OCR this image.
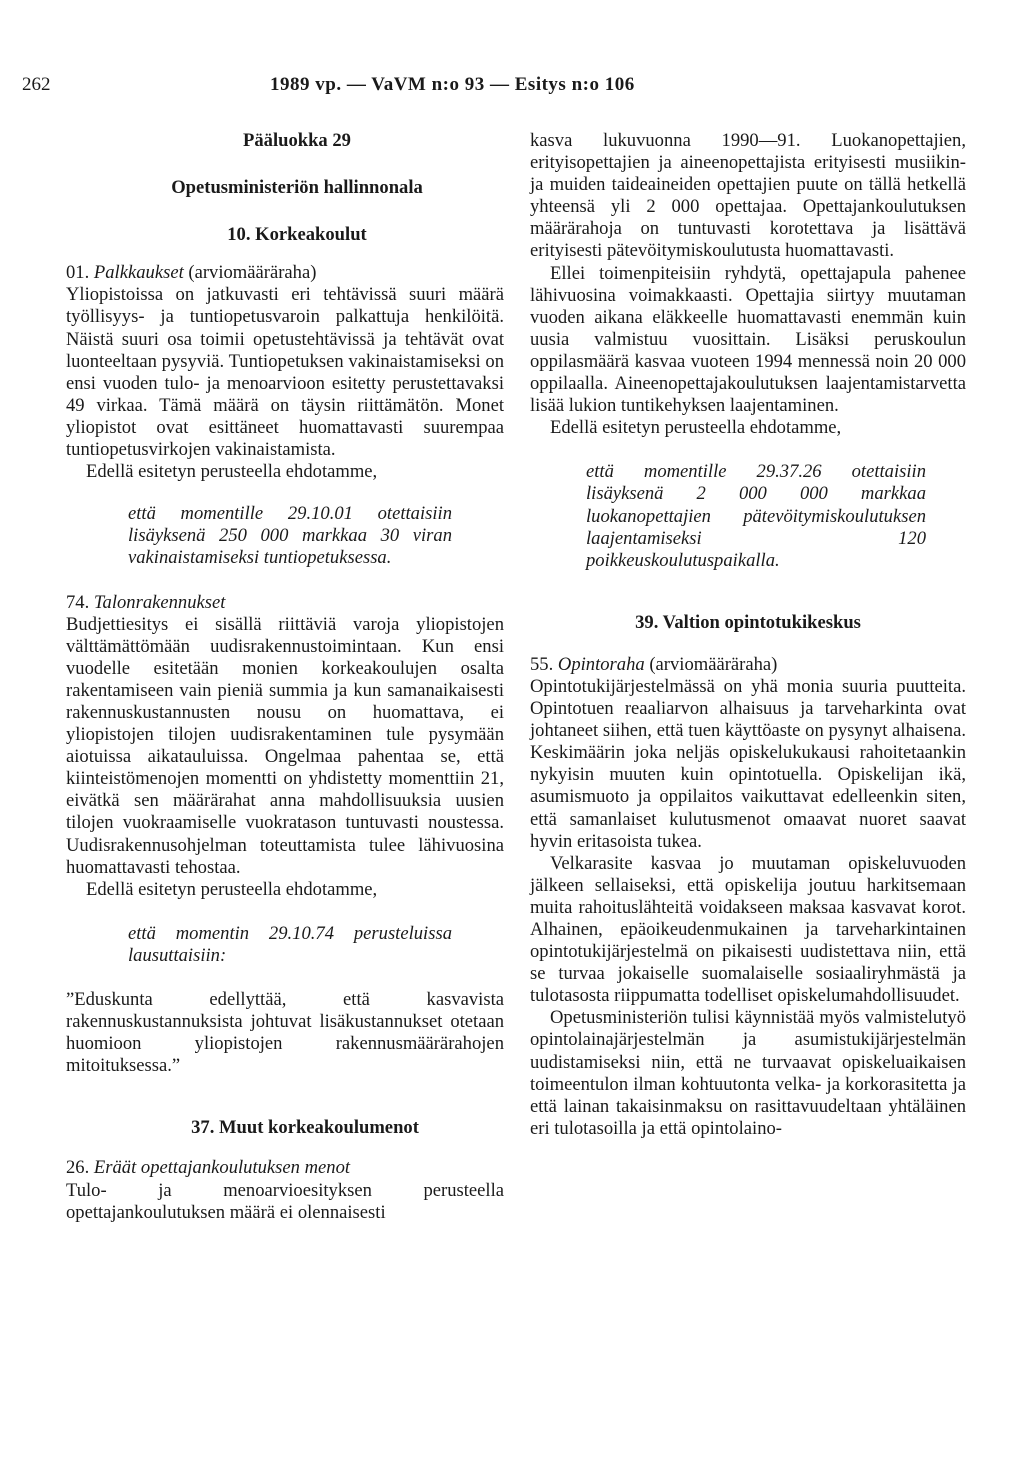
262	1989 vp. — VaVM n:o 93 — Esitys n:o 106

Pääluokka 29

Opetusministeriön hallinnonala

10. Korkeakoulut

01. Palkkaukset (arviomääräraha)

Yliopistoissa on jatkuvasti eri tehtävissä suuri määrä työllisyys- ja tuntiopetusvaroin palkattuja henkilöitä. Näistä suuri osa toimii opetustehtävissä ja tehtävät ovat luonteeltaan pysyviä. Tuntiopetuksen vakinaistamiseksi on ensi vuoden tulo- ja menoarvioon esitetty perustettavaksi 49 virkaa. Tämä määrä on täysin riittämätön. Monet yliopistot ovat esittäneet huomattavasti suurempaa tuntiopetusvirkojen vakinaistamista.

Edellä esitetyn perusteella ehdotamme,

että momentille 29.10.01 otettaisiin lisäyksenä 250 000 markkaa 30 viran vakinaistamiseksi tuntiopetuksessa.

74. Talonrakennukset

Budjettiesitys ei sisällä riittäviä varoja yliopistojen välttämättömään uudisrakennustoimintaan. Kun ensi vuodelle esitetään monien korkeakoulujen osalta rakentamiseen vain pieniä summia ja kun samanaikaisesti rakennuskustannusten nousu on huomattava, ei yliopistojen tilojen uudisrakentaminen tule pysymään aiotuissa aikatauluissa. Ongelmaa pahentaa se, että kiinteistömenojen momentti on yhdistetty momenttiin 21, eivätkä sen määrärahat anna mahdollisuuksia uusien tilojen vuokraamiselle vuokratason tuntuvasti noustessa. Uudisrakennusohjelman toteuttamista tulee lähivuosina huomattavasti tehostaa.

Edellä esitetyn perusteella ehdotamme,

että momentin 29.10.74 perusteluissa lausuttaisiin:

”Eduskunta edellyttää, että kasvavista rakennuskustannuksista johtuvat lisäkustannukset otetaan huomioon yliopistojen rakennusmäärärahojen mitoituksessa.”

37. Muut korkeakoulumenot

26. Eräät opettajankoulutuksen menot

Tulo- ja menoarvioesityksen perusteella opettajankoulutuksen määrä ei olennaisesti

kasva lukuvuonna 1990—91. Luokanopettajien, erityisopettajien ja aineenopettajista erityisesti musiikin- ja muiden taideaineiden opettajien puute on tällä hetkellä yhteensä yli 2 000 opettajaa. Opettajankoulutuksen määrärahoja on tuntuvasti korotettava ja lisättävä erityisesti pätevöitymiskoulutusta huomattavasti.

Ellei toimenpiteisiin ryhdytä, opettajapula pahenee lähivuosina voimakkaasti. Opettajia siirtyy muutaman vuoden aikana eläkkeelle huomattavasti enemmän kuin uusia valmistuu vuosittain. Lisäksi peruskoulun oppilasmäärä kasvaa vuoteen 1994 mennessä noin 20 000 oppilaalla. Aineenopettajakoulutuksen laajentamistarvetta lisää lukion tuntikehyksen laajentaminen.

Edellä esitetyn perusteella ehdotamme,

että momentille 29.37.26 otettaisiin lisäyksenä 2 000 000 markkaa luokanopettajien pätevöitymiskoulutuksen laajentamiseksi 120 poikkeuskoulutuspaikalla.

39. Valtion opintotukikeskus

55. Opintoraha (arviomääräraha)

Opintotukijärjestelmässä on yhä monia suuria puutteita. Opintotuen reaaliarvon alhaisuus ja tarveharkinta ovat johtaneet siihen, että tuen käyttöaste on pysynyt alhaisena. Keskimäärin joka neljäs opiskelukukausi rahoitetaankin nykyisin muuten kuin opintotuella. Opiskelijan ikä, asumismuoto ja oppilaitos vaikuttavat edelleenkin siten, että samanlaiset kulutusmenot omaavat nuoret saavat hyvin eritasoista tukea.

Velkarasite kasvaa jo muutaman opiskeluvuoden jälkeen sellaiseksi, että opiskelija joutuu harkitsemaan muita rahoituslähteitä voidakseen maksaa kasvavat korot. Alhainen, epäoikeudenmukainen ja tarveharkintainen opintotukijärjestelmä on pikaisesti uudistettava niin, että se turvaa jokaiselle suomalaiselle sosiaaliryhmästä ja tulotasosta riippumatta todelliset opiskelumahdollisuudet.

Opetusministeriön tulisi käynnistää myös valmistelutyö opintolainajärjestelmän ja asumistukijärjestelmän uudistamiseksi niin, että ne turvaavat opiskeluaikaisen toimeentulon ilman kohtuutonta velka- ja korkorasitetta ja että lainan takaisinmaksu on rasittavuudeltaan yhtäläinen eri tulotasoilla ja että opintolaino-
